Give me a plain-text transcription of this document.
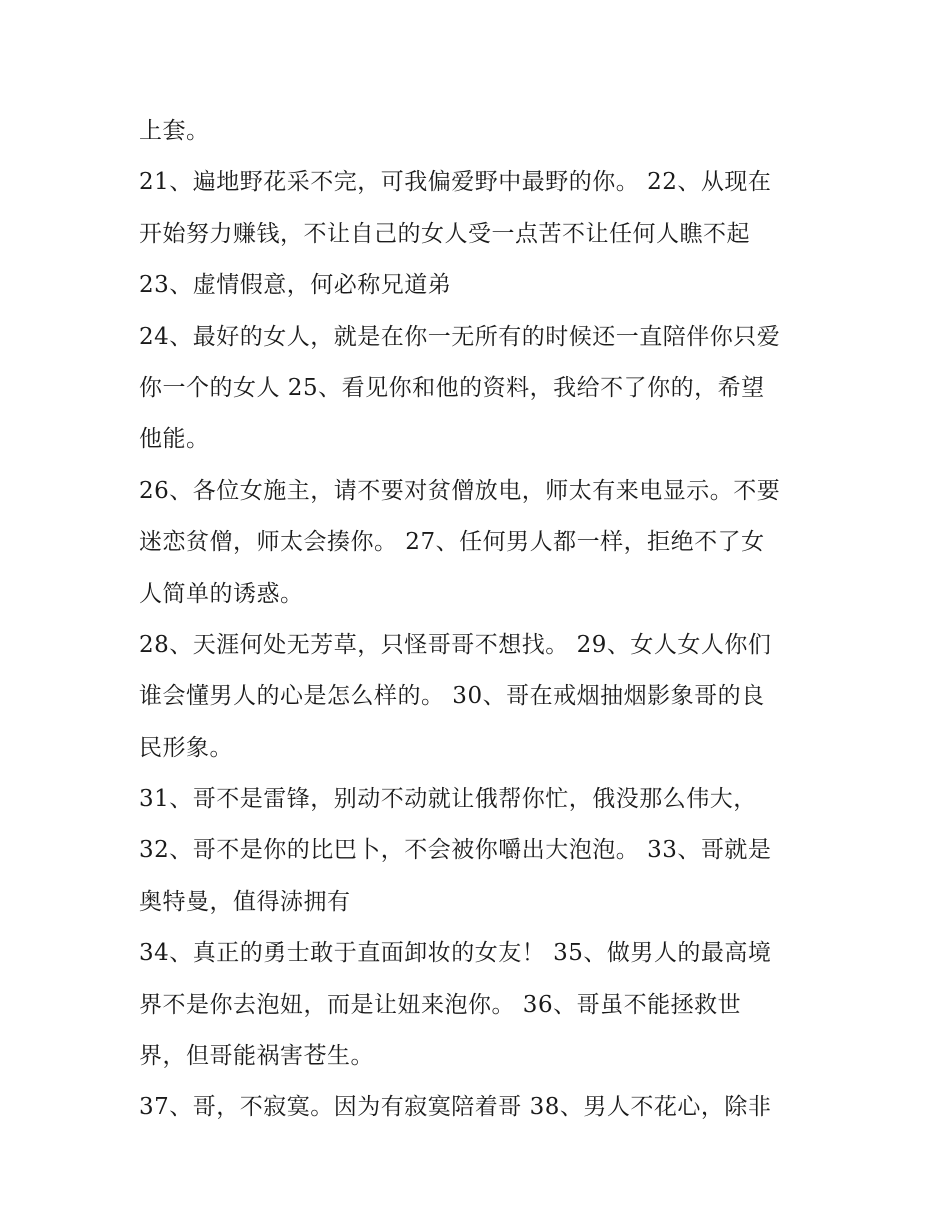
上套。
21、遍地野花采不完，可我偏爱野中最野的你。 22、从现在
开始努力赚钱，不让自己的女人受一点苦不让任何人瞧不起
23、虚情假意，何必称兄道弟
24、最好的女人，就是在你一无所有的时候还一直陪伴你只爱
你一个的女人 25、看见你和他的资料，我给不了你的，希望
他能。
26、各位女施主，请不要对贫僧放电，师太有来电显示。不要
迷恋贫僧，师太会揍你。 27、任何男人都一样，拒绝不了女
人简单的诱惑。
28、天涯何处无芳草，只怪哥哥不想找。 29、女人女人你们
谁会懂男人的心是怎么样的。 30、哥在戒烟抽烟影象哥的良
民形象。
31、哥不是雷锋，别动不动就让俄帮你忙，俄没那么伟大，
32、哥不是你的比巴卜，不会被你嚼出大泡泡。 33、哥就是
奥特曼，值得浾拥有
34、真正的勇士敢于直面卸妆的女友！ 35、做男人的最高境
界不是你去泡妞，而是让妞来泡你。 36、哥虽不能拯救世
界，但哥能祸害苍生。
37、哥，不寂寞。因为有寂寞陪着哥 38、男人不花心，除非
